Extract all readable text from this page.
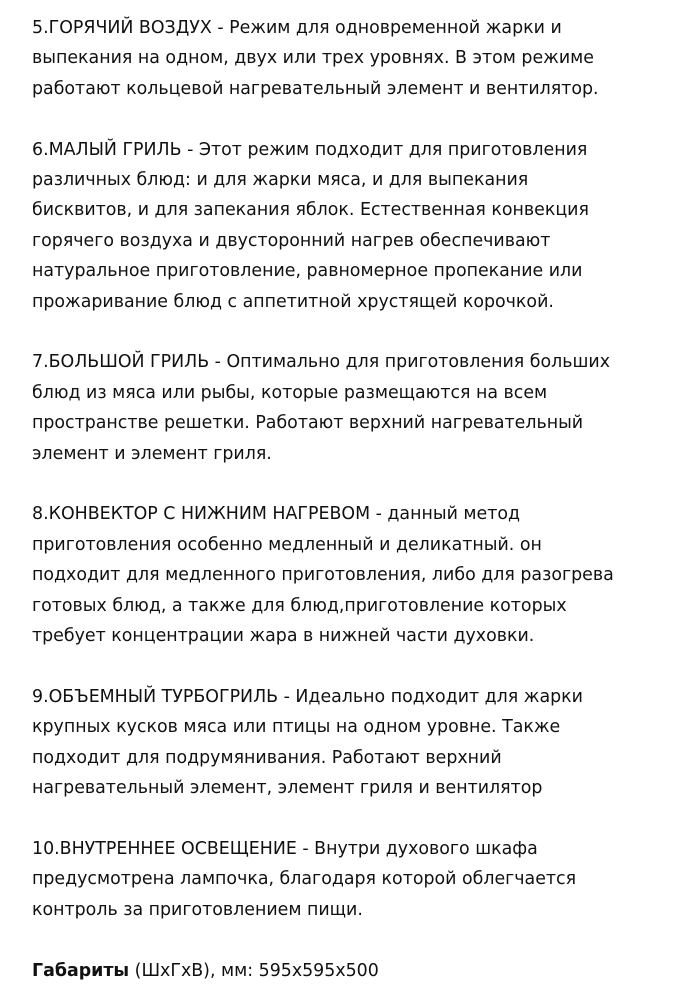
5.ГОРЯЧИЙ ВОЗДУХ - Режим для одновременной жарки и
выпекания на одном, двух или трех уровнях. В этом режиме
работают кольцевой нагревательный элемент и вентилятор.
6.МАЛЫЙ ГРИЛЬ - Этот режим подходит для приготовления
различных блюд: и для жарки мяса, и для выпекания
бисквитов, и для запекания яблок. Естественная конвекция
горячего воздуха и двусторонний нагрев обеспечивают
натуральное приготовление, равномерное пропекание или
прожаривание блюд с аппетитной хрустящей корочкой.
7.БОЛЬШОЙ ГРИЛЬ - Оптимально для приготовления больших
блюд из мяса или рыбы, которые размещаются на всем
пространстве решетки. Работают верхний нагревательный
элемент и элемент гриля.
8.КОНВЕКТОР С НИЖНИМ НАГРЕВОМ - данный метод
приготовления особенно медленный и деликатный. он
подходит для медленного приготовления, либо для разогрева
готовых блюд, а также для блюд,приготовление которых
требует концентрации жара в нижней части духовки.
9.ОБЪЕМНЫЙ ТУРБОГРИЛЬ - Идеально подходит для жарки
крупных кусков мяса или птицы на одном уровне. Также
подходит для подрумянивания. Работают верхний
нагревательный элемент, элемент гриля и вентилятор
10.ВНУТРЕННЕЕ ОСВЕЩЕНИЕ - Внутри духового шкафа
предусмотрена лампочка, благодаря которой облегчается
контроль за приготовлением пищи.

Габариты (ШхГхВ), мм: 595x595x500
